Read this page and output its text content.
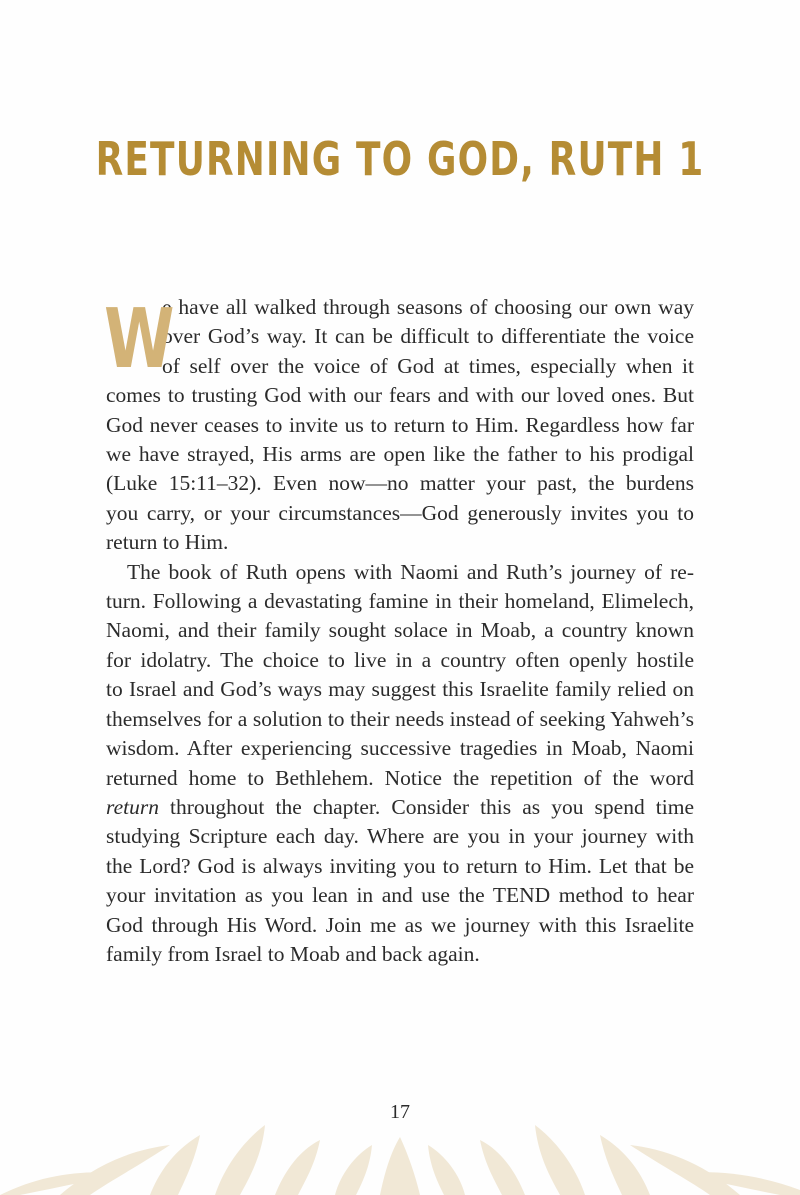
RETURNING TO GOD, RUTH 1
W
e have all walked through seasons of choosing our own way
over God’s way. It can be difficult to differentiate the voice
of self over the voice of God at times, especially when it
comes to trusting God with our fears and with our loved ones. But
God never ceases to invite us to return to Him. Regardless how far
we have strayed, His arms are open like the father to his prodigal
(Luke 15:11–32). Even now—no matter your past, the burdens
you carry, or your circumstances—God generously invites you to
return to Him.
The book of Ruth opens with Naomi and Ruth’s journey of re-
turn. Following a devastating famine in their homeland, Elimelech,
Naomi, and their family sought solace in Moab, a country known
for idolatry. The choice to live in a country often openly hostile
to Israel and God’s ways may suggest this Israelite family relied on
themselves for a solution to their needs instead of seeking Yahweh’s
wisdom. After experiencing successive tragedies in Moab, Naomi
returned home to Bethlehem. Notice the repetition of the word
return throughout the chapter. Consider this as you spend time
studying Scripture each day. Where are you in your journey with
the Lord? God is always inviting you to return to Him. Let that be
your invitation as you lean in and use the TEND method to hear
God through His Word. Join me as we journey with this Israelite
family from Israel to Moab and back again.
17
